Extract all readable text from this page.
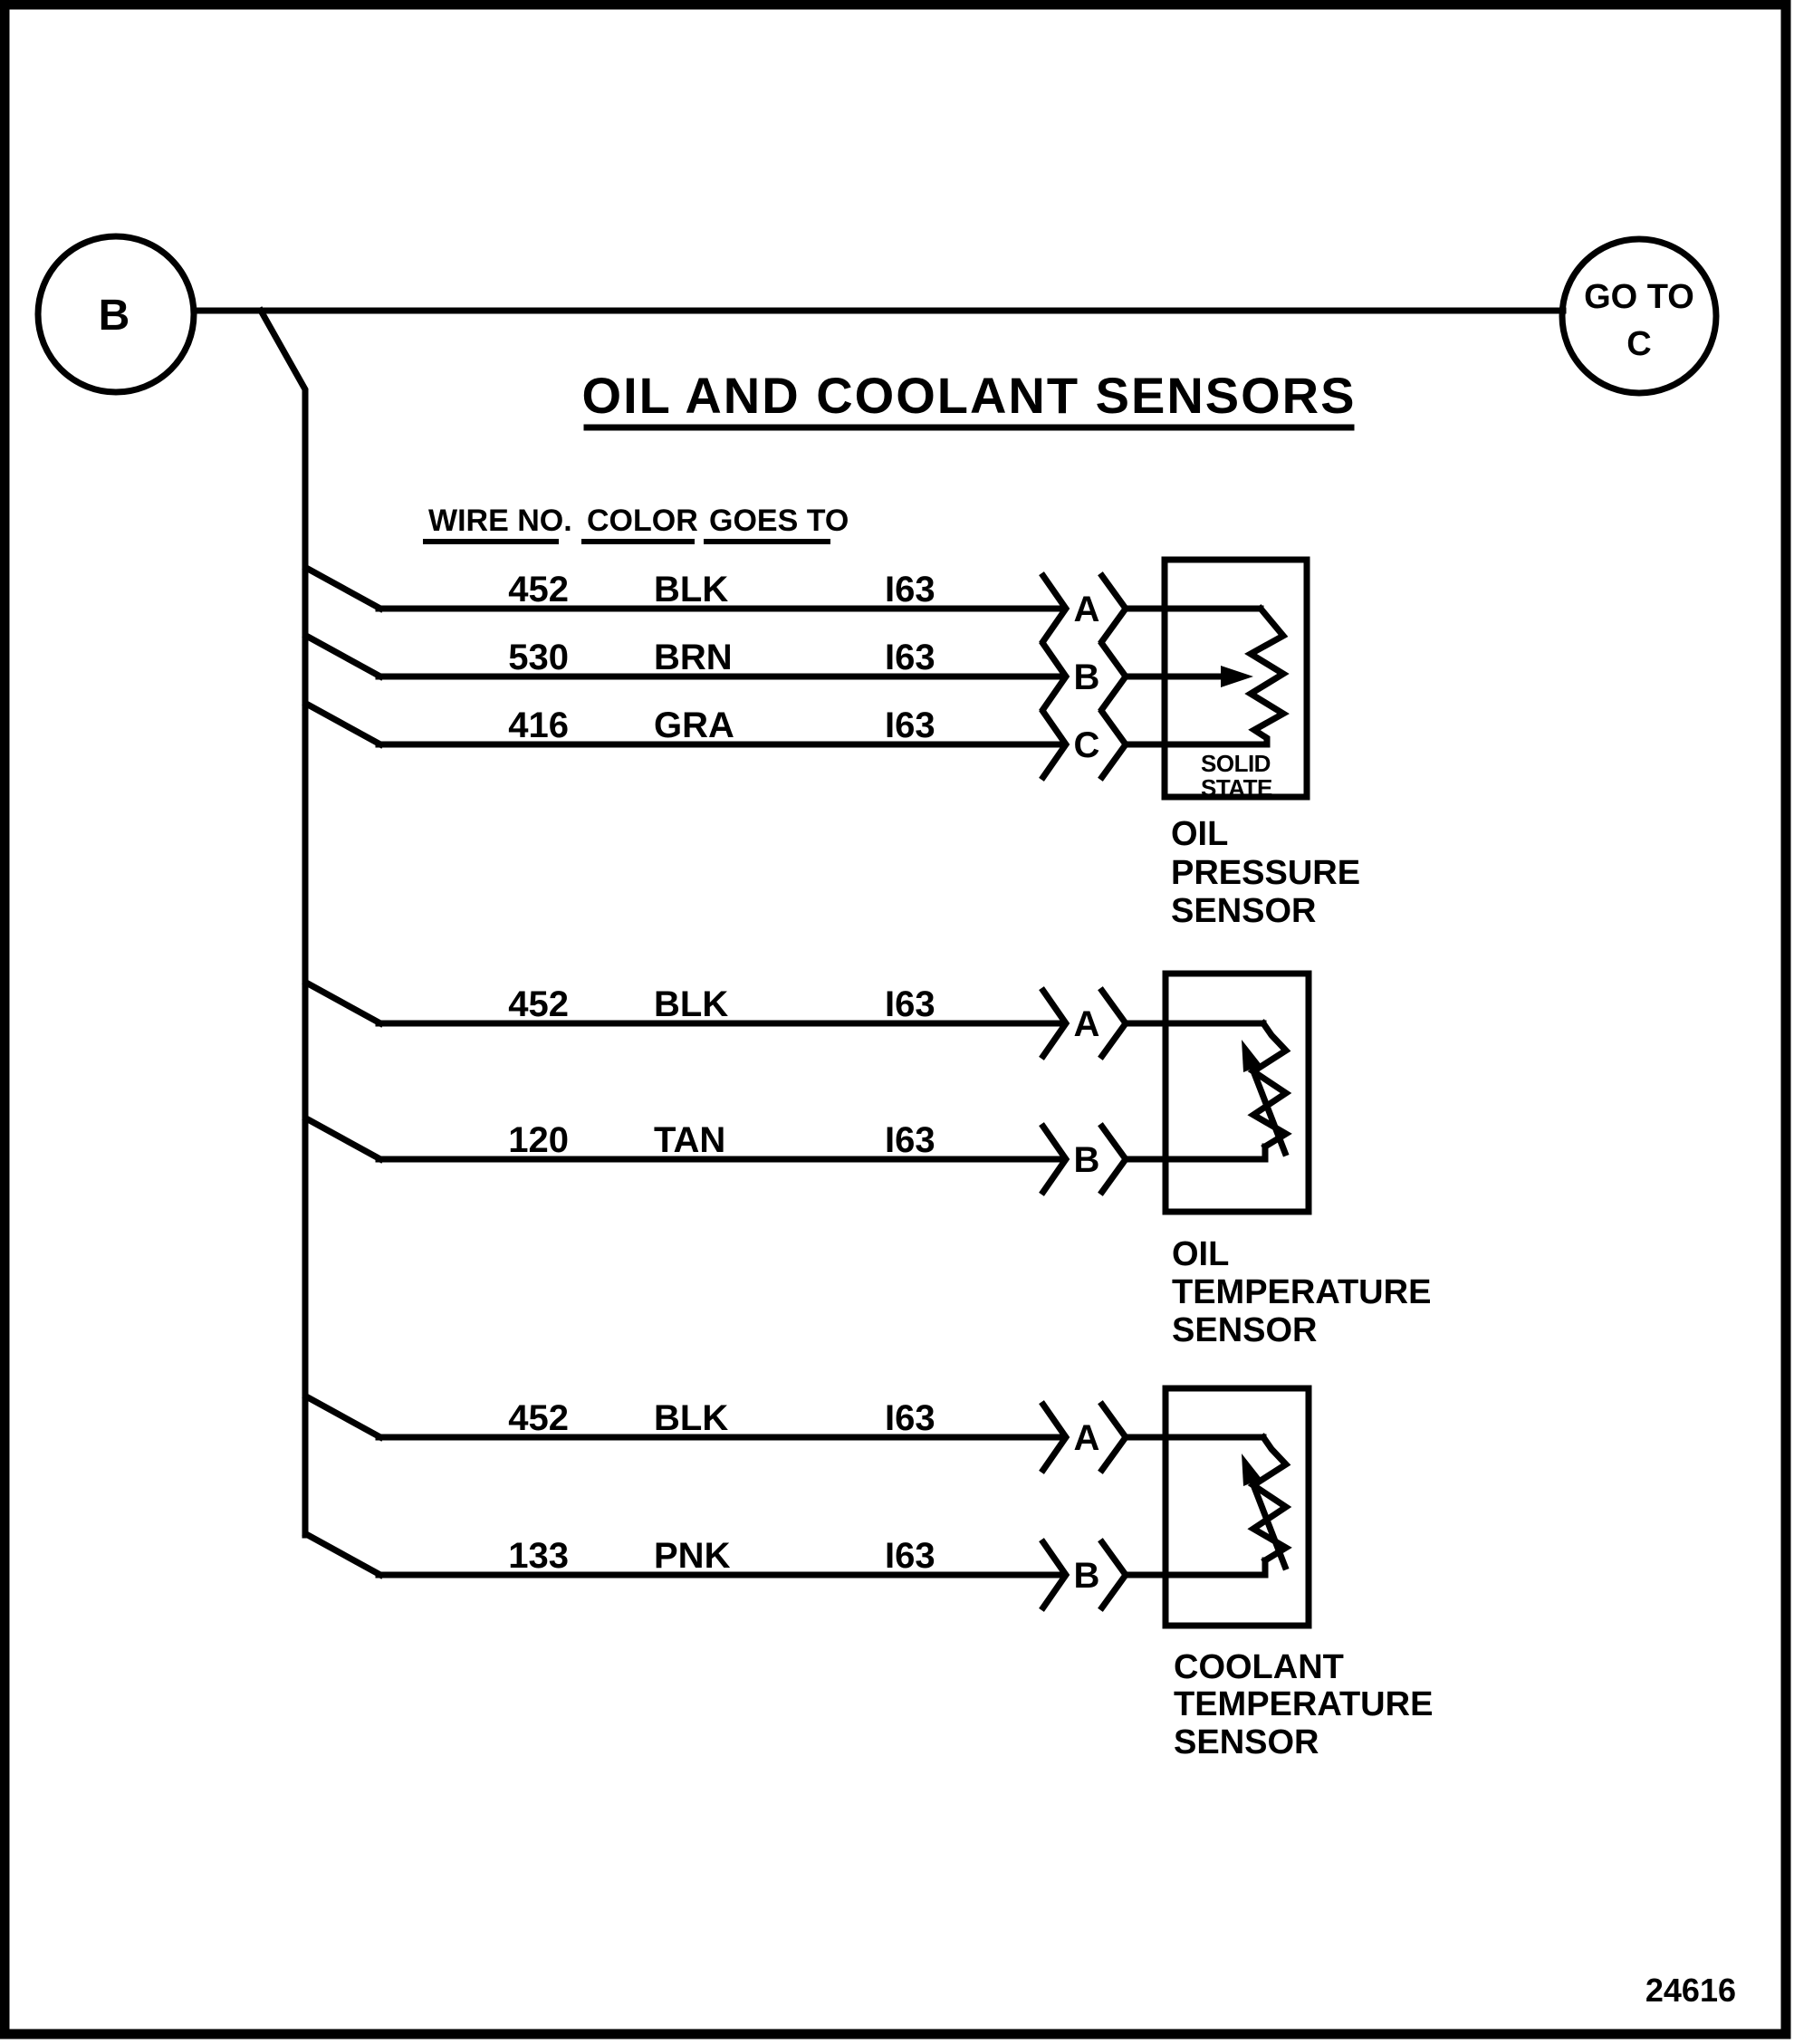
B	GO TO
C
OIL AND COOLANT SENSORS
WIRE NO. COLOR GOES TO
452 BLK	I63	A
530 BRN	I63	B
416 GRA	I63	C	SOLID
STATE
OIL
PRESSURE
SENSOR
452 BLK	I63	A
120 TAN	I63	B
OIL
TEMPERATURE
SENSOR
452 BLK	I63	A
133 PNK	I63	B
COOLANT
TEMPERATURE
SENSOR
24616
